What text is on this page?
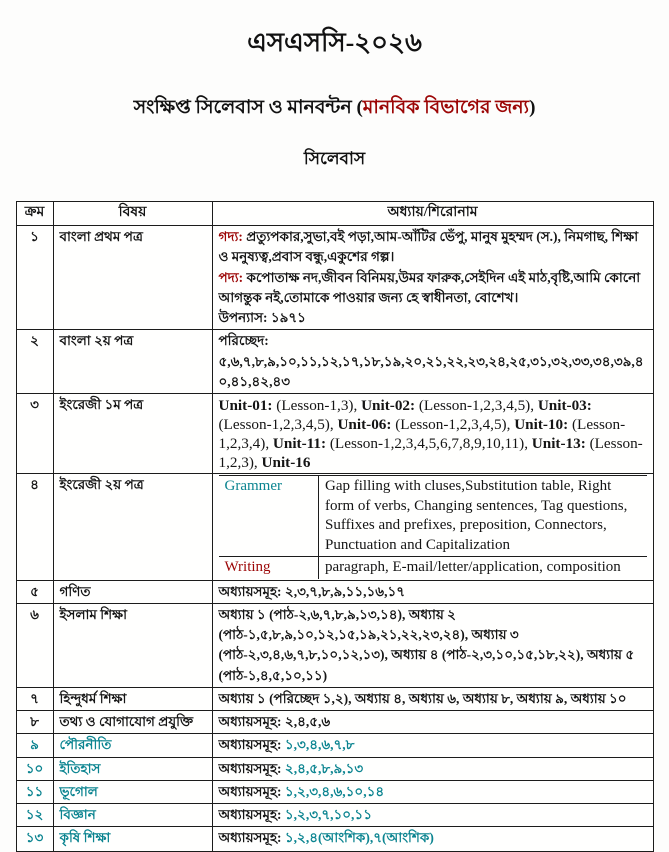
এসএসসি-২০২৬
সংক্ষিপ্ত সিলেবাস ও মানবন্টন (মানবিক বিভাগের জন্য)
সিলেবাস
ক্রম	বিষয়	অধ্যায়/শিরোনাম
১	বাংলা প্রথম পত্র	গদ্য: প্রত্যুপকার,সুভা,বই পড়া,আম-আঁটির ভেঁপু, মানুষ মুহম্মদ (স.), নিমগাছ, শিক্ষা ও মনুষ্যত্ব,প্রবাস বন্ধু,একুশের গল্প।
পদ্য: কপোতাক্ষ নদ,জীবন বিনিময়,উমর ফারুক,সেইদিন এই মাঠ,বৃষ্টি,আমি কোনো আগন্তুক নই,তোমাকে পাওয়ার জন্য হে স্বাধীনতা, বোশেখ।
উপন্যাস: ১৯৭১
২	বাংলা ২য় পত্র	পরিচ্ছেদ: ৫,৬,৭,৮,৯,১০,১১,১২,১৭,১৮,১৯,২০,২১,২২,২৩,২৪,২৫,৩১,৩২,৩৩,৩৪,৩৯,৪০,৪১,৪২,৪৩
৩	ইংরেজী ১ম পত্র	Unit-01: (Lesson-1,3), Unit-02: (Lesson-1,2,3,4,5), Unit-03: (Lesson-1,2,3,4,5), Unit-06: (Lesson-1,2,3,4,5), Unit-10: (Lesson-1,2,3,4), Unit-11: (Lesson-1,2,3,4,5,6,7,8,9,10,11), Unit-13: (Lesson-1,2,3), Unit-16
৪	ইংরেজী ২য় পত্র		Grammer	Gap filling with cluses,Substitution table, Right form of verbs, Changing sentences, Tag questions, Suffixes and prefixes, preposition, Connectors, Punctuation and Capitalization
Writing	paragraph, E-mail/letter/application, composition

৫	গণিত	অধ্যায়সমূহ: ২,৩,৭,৮,৯,১১,১৬,১৭
৬	ইসলাম শিক্ষা	অধ্যায় ১ (পাঠ-২,৬,৭,৮,৯,১৩,১৪), অধ্যায় ২ (পাঠ-১,৫,৮,৯,১০,১২,১৫,১৯,২১,২২,২৩,২৪), অধ্যায় ৩ (পাঠ-২,৩,৪,৬,৭,৮,১০,১২,১৩), অধ্যায় ৪ (পাঠ-২,৩,১০,১৫,১৮,২২), অধ্যায় ৫ (পাঠ-১,৪,৫,১০,১১)
৭	হিন্দুধর্ম শিক্ষা	অধ্যায় ১ (পরিচ্ছেদ ১,২), অধ্যায় ৪, অধ্যায় ৬, অধ্যায় ৮, অধ্যায় ৯, অধ্যায় ১০
৮	তথ্য ও যোগাযোগ প্রযুক্তি	অধ্যায়সমূহ: ২,৪,৫,৬
৯	পৌরনীতি	অধ্যায়সমূহ: ১,৩,৪,৬,৭,৮
১০	ইতিহাস	অধ্যায়সমূহ: ২,৪,৫,৮,৯,১৩
১১	ভূগোল	অধ্যায়সমূহ: ১,২,৩,৪,৬,১০,১৪
১২	বিজ্ঞান	অধ্যায়সমূহ: ১,২,৩,৭,১০,১১
১৩	কৃষি শিক্ষা	অধ্যায়সমূহ: ১,২,৪(আংশিক),৭(আংশিক)
